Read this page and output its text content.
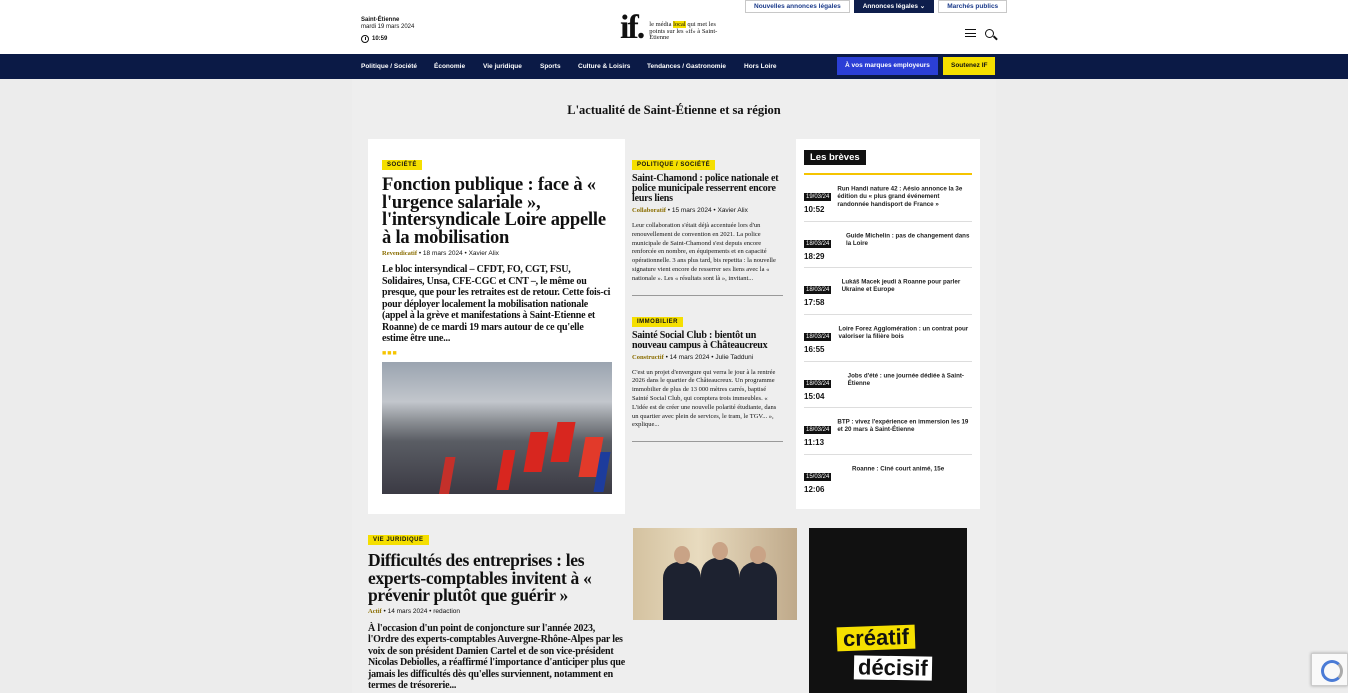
Saint-Étienne
mardi 19 mars 2024
10:59	if. le média local qui met les points sur les «if» à Saint-Étienne
Nouvelles annonces légales	Annonces légales ⌄	Marchés publics
Politique / Société	Économie	Vie juridique	Sports	Culture & Loisirs	Tendances / Gastronomie	Hors Loire	À vos marques employeurs	Soutenez IF
L'actualité de Saint-Étienne et sa région
SOCIÉTÉ
Fonction publique : face à « l'urgence salariale », l'intersyndicale Loire appelle à la mobilisation
Revendicatif • 18 mars 2024 • Xavier Alix
Le bloc intersyndical – CFDT, FO, CGT, FSU, Solidaires, Unsa, CFE-CGC et CNT –, le même ou presque, que pour les retraites est de retour. Cette fois-ci pour déployer localement la mobilisation nationale (appel à la grève et manifestations à Saint-Etienne et Roanne) de ce mardi 19 mars autour de ce qu'elle estime être une...
■■■
POLITIQUE / SOCIÉTÉ
Saint-Chamond : police nationale et police municipale resserrent encore leurs liens
Collaboratif • 15 mars 2024 • Xavier Alix
Leur collaboration s'était déjà accentuée lors d'un renouvellement de convention en 2021. La police municipale de Saint-Chamond s'est depuis encore renforcée en nombre, en équipements et en capacité opérationnelle. 3 ans plus tard, bis repetita : la nouvelle signature vient encore de resserrer ses liens avec la « nationale ». Les « résultats sont là », invitant...
IMMOBILIER
Sainté Social Club : bientôt un nouveau campus à Châteaucreux
Constructif • 14 mars 2024 • Julie Tadduni
C'est un projet d'envergure qui verra le jour à la rentrée 2026 dans le quartier de Châteaucreux. Un programme immobilier de plus de 13 000 mètres carrés, baptisé Sainté Social Club, qui comptera trois immeubles. « L'idée est de créer une nouvelle polarité étudiante, dans un quartier avec plein de services, le tram, le TGV... », explique...
Les brèves
19/03/24
10:52
Run Handi nature 42 : Aésio annonce la 3e édition du « plus grand événement randonnée handisport de France »
18/03/24
18:29
Guide Michelin : pas de changement dans la Loire
18/03/24
17:58
Lukáš Macek jeudi à Roanne pour parler Ukraine et Europe
18/03/24
16:55
Loire Forez Agglomération : un contrat pour valoriser la filière bois
18/03/24
15:04
Jobs d'été : une journée dédiée à Saint-Étienne
18/03/24
11:13
BTP : vivez l'expérience en immersion les 19 et 20 mars à Saint-Étienne
15/03/24
12:06
Roanne : Ciné court animé, 15e
VIE JURIDIQUE
Difficultés des entreprises : les experts-comptables invitent à « prévenir plutôt que guérir »
Actif • 14 mars 2024 • redaction
À l'occasion d'un point de conjoncture sur l'année 2023, l'Ordre des experts-comptables Auvergne-Rhône-Alpes par les voix de son président Damien Cartel et de son vice-président Nicolas Debiolles, a réaffirmé l'importance d'anticiper plus que jamais les difficultés dès qu'elles surviennent, notamment en termes de trésorerie...
créatif
décisif
